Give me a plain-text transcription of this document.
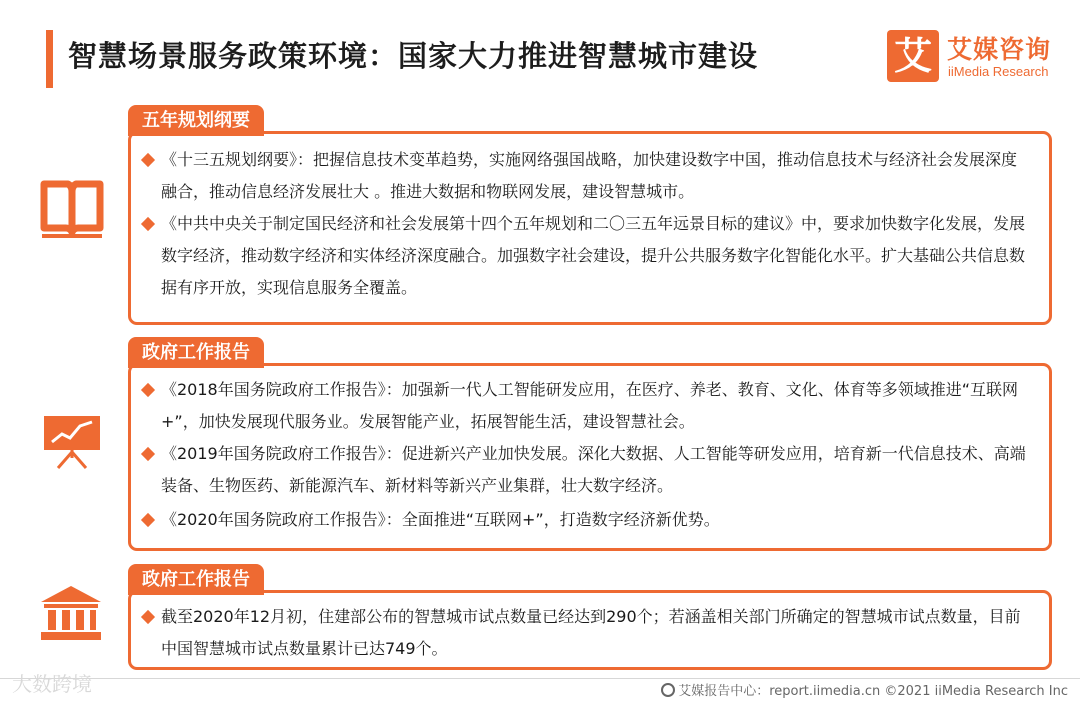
智慧场景服务政策环境：国家大力推进智慧城市建设	艾 艾媒咨询
iiMedia Research
五年规划纲要
《十三五规划纲要》：把握信息技术变革趋势，实施网络强国战略，加快建设数字中国，推动信息技术与经济社会发展深度融合，推动信息经济发展壮大 。推进大数据和物联网发展，建设智慧城市。
《中共中央关于制定国民经济和社会发展第十四个五年规划和二〇三五年远景目标的建议》中，要求加快数字化发展，发展数字经济，推动数字经济和实体经济深度融合。加强数字社会建设，提升公共服务数字化智能化水平。扩大基础公共信息数据有序开放，实现信息服务全覆盖。
政府工作报告
《2018年国务院政府工作报告》：加强新一代人工智能研发应用，在医疗、养老、教育、文化、体育等多领域推进“互联网+”，加快发展现代服务业。发展智能产业，拓展智能生活，建设智慧社会。
《2019年国务院政府工作报告》：促进新兴产业加快发展。深化大数据、人工智能等研发应用，培育新一代信息技术、高端装备、生物医药、新能源汽车、新材料等新兴产业集群，壮大数字经济。
《2020年国务院政府工作报告》：全面推进“互联网+”，打造数字经济新优势。
政府工作报告
截至2020年12月初，住建部公布的智慧城市试点数量已经达到290个；若涵盖相关部门所确定的智慧城市试点数量，目前中国智慧城市试点数量累计已达749个。
大数跨境	艾媒报告中心：report.iimedia.cn ©2021 iiMedia Research Inc
